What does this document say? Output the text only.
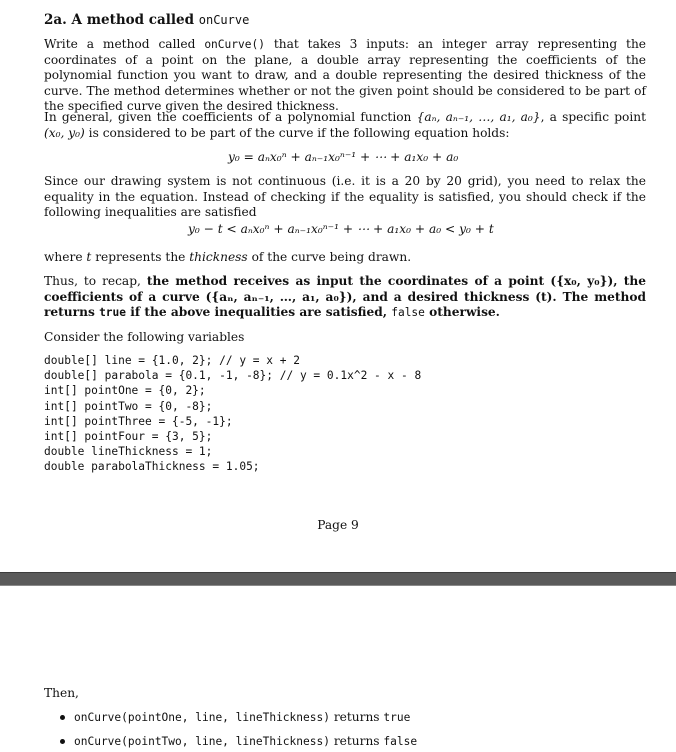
2a. A method called onCurve
Write a method called onCurve() that takes 3 inputs: an integer array representing the coordinates of a point on the plane, a double array representing the coefficients of the polynomial function you want to draw, and a double representing the desired thickness of the curve. The method determines whether or not the given point should be considered to be part of the specified curve given the desired thickness.
In general, given the coefficients of a polynomial function {aₙ, aₙ₋₁, …, a₁, a₀}, a specific point (x₀, y₀) is considered to be part of the curve if the following equation holds:
y₀ = aₙx₀ⁿ + aₙ₋₁x₀ⁿ⁻¹ + ⋯ + a₁x₀ + a₀
Since our drawing system is not continuous (i.e. it is a 20 by 20 grid), you need to relax the equality in the equation. Instead of checking if the equality is satisfied, you should check if the following inequalities are satisfied
y₀ − t < aₙx₀ⁿ + aₙ₋₁x₀ⁿ⁻¹ + ⋯ + a₁x₀ + a₀ < y₀ + t
where t represents the thickness of the curve being drawn.
Thus, to recap, the method receives as input the coordinates of a point ({x₀, y₀}), the coefficients of a curve ({aₙ, aₙ₋₁, …, a₁, a₀}), and a desired thickness (t). The method returns true if the above inequalities are satisfied, false otherwise.
Consider the following variables
double[] line = {1.0, 2}; // y = x + 2
double[] parabola = {0.1, -1, -8}; // y = 0.1x^2 - x - 8
int[] pointOne = {0, 2};
int[] pointTwo = {0, -8};
int[] pointThree = {-5, -1};
int[] pointFour = {3, 5};
double lineThickness = 1;
double parabolaThickness = 1.05;
Page 9
Then,
onCurve(pointOne, line, lineThickness) returns true
onCurve(pointTwo, line, lineThickness) returns false
